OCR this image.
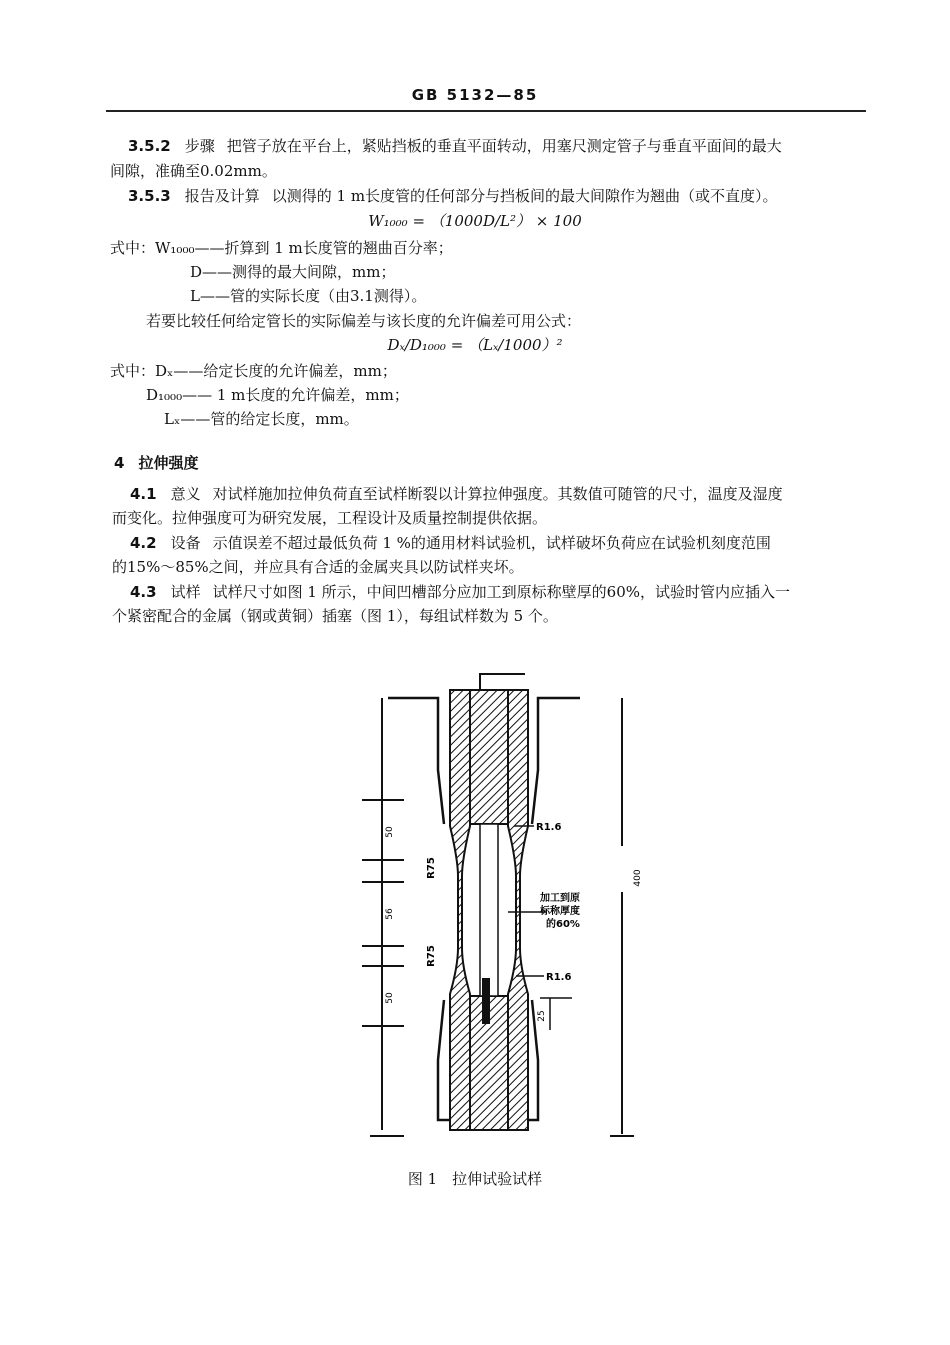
GB 5132—85
3.5.2 步骤 把管子放在平台上，紧贴挡板的垂直平面转动，用塞尺测定管子与垂直平面间的最大
间隙，准确至0.02mm。
3.5.3 报告及计算 以测得的 1 m长度管的任何部分与挡板间的最大间隙作为翘曲（或不直度）。
W₁₀₀₀ = （1000D/L²） × 100
式中：W₁₀₀₀——折算到 1 m长度管的翘曲百分率；
D——测得的最大间隙，mm；
L——管的实际长度（由3.1测得）。
若要比较任何给定管长的实际偏差与该长度的允许偏差可用公式：
Dₓ/D₁₀₀₀ = （Lₓ/1000）²
式中：Dₓ——给定长度的允许偏差，mm；
D₁₀₀₀—— 1 m长度的允许偏差，mm；
Lₓ——管的给定长度，mm。
4 拉伸强度
4.1 意义 对试样施加拉伸负荷直至试样断裂以计算拉伸强度。其数值可随管的尺寸，温度及湿度
而变化。拉伸强度可为研究发展，工程设计及质量控制提供依据。
4.2 设备 示值误差不超过最低负荷 1 %的通用材料试验机，试样破坏负荷应在试验机刻度范围
的15%～85%之间，并应具有合适的金属夹具以防试样夹坏。
4.3 试样 试样尺寸如图 1 所示，中间凹槽部分应加工到原标称壁厚的60%，试验时管内应插入一
个紧密配合的金属（钢或黄铜）插塞（图 1），每组试样数为 5 个。
50
56
50
R75
R75
R1.6
R1.6
加工到原
标称厚度
的60%
400
25
图 1　拉伸试验试样
